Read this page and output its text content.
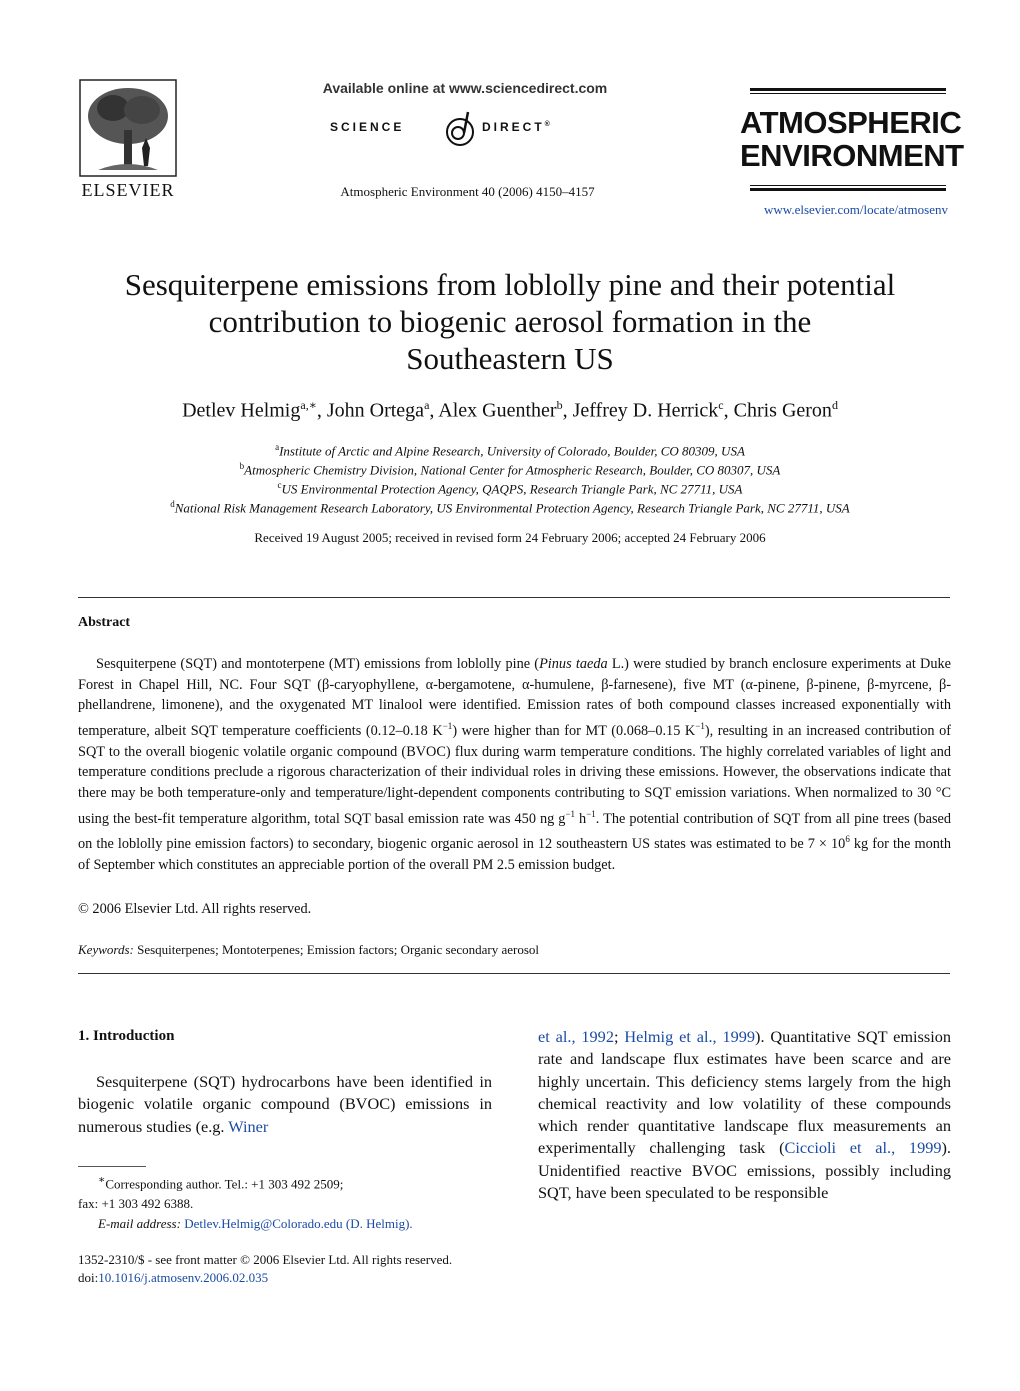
ELSEVIER
Available online at www.sciencedirect.com
SCIENCE	DIRECT®
Atmospheric Environment 40 (2006) 4150–4157
ATMOSPHERIC
ENVIRONMENT
www.elsevier.com/locate/atmosenv
Sesquiterpene emissions from loblolly pine and their potential
contribution to biogenic aerosol formation in the
Southeastern US
Detlev Helmig$^{a,∗}$, John Ortega$^a$, Alex Guenther$^b$, Jeffrey D. Herrick$^c$, Chris Geron$^d$
$^a$Institute of Arctic and Alpine Research, University of Colorado, Boulder, CO 80309, USA
$^b$Atmospheric Chemistry Division, National Center for Atmospheric Research, Boulder, CO 80307, USA
$^c$US Environmental Protection Agency, QAQPS, Research Triangle Park, NC 27711, USA
$^d$National Risk Management Research Laboratory, US Environmental Protection Agency, Research Triangle Park, NC 27711, USA
Received 19 August 2005; received in revised form 24 February 2006; accepted 24 February 2006
Abstract
Sesquiterpene (SQT) and montoterpene (MT) emissions from loblolly pine (Pinus taeda L.) were studied by branch enclosure experiments at Duke Forest in Chapel Hill, NC. Four SQT (β-caryophyllene, α-bergamotene, α-humulene, β-farnesene), five MT (α-pinene, β-pinene, β-myrcene, β-phellandrene, limonene), and the oxygenated MT linalool were identified. Emission rates of both compound classes increased exponentially with temperature, albeit SQT temperature coefficients (0.12–0.18 $K^{-1}$) were higher than for MT (0.068–0.15 $K^{-1}$), resulting in an increased contribution of SQT to the overall biogenic volatile organic compound (BVOC) flux during warm temperature conditions. The highly correlated variables of light and temperature conditions preclude a rigorous characterization of their individual roles in driving these emissions. However, the observations indicate that there may be both temperature-only and temperature/light-dependent components contributing to SQT emission variations. When normalized to 30 °C using the best-fit temperature algorithm, total SQT basal emission rate was 450 ng $g^{-1}$ $h^{-1}$. The potential contribution of SQT from all pine trees (based on the loblolly pine emission factors) to secondary, biogenic organic aerosol in 12 southeastern US states was estimated to be $7 \times 10^6$ kg for the month of September which constitutes an appreciable portion of the overall PM 2.5 emission budget.
© 2006 Elsevier Ltd. All rights reserved.
Keywords: Sesquiterpenes; Montoterpenes; Emission factors; Organic secondary aerosol
1. Introduction
Sesquiterpene (SQT) hydrocarbons have been identified in biogenic volatile organic compound (BVOC) emissions in numerous studies (e.g. Winer
et al., 1992; Helmig et al., 1999). Quantitative SQT emission rate and landscape flux estimates have been scarce and are highly uncertain. This deficiency stems largely from the high chemical reactivity and low volatility of these compounds which render quantitative landscape flux measurements an experimentally challenging task (Ciccioli et al., 1999). Unidentified reactive BVOC emissions, possibly including SQT, have been speculated to be responsible
∗Corresponding author. Tel.: +1 303 492 2509;
fax: +1 303 492 6388.
E-mail address: Detlev.Helmig@Colorado.edu (D. Helmig).
1352-2310/$ - see front matter © 2006 Elsevier Ltd. All rights reserved.
doi:10.1016/j.atmosenv.2006.02.035
